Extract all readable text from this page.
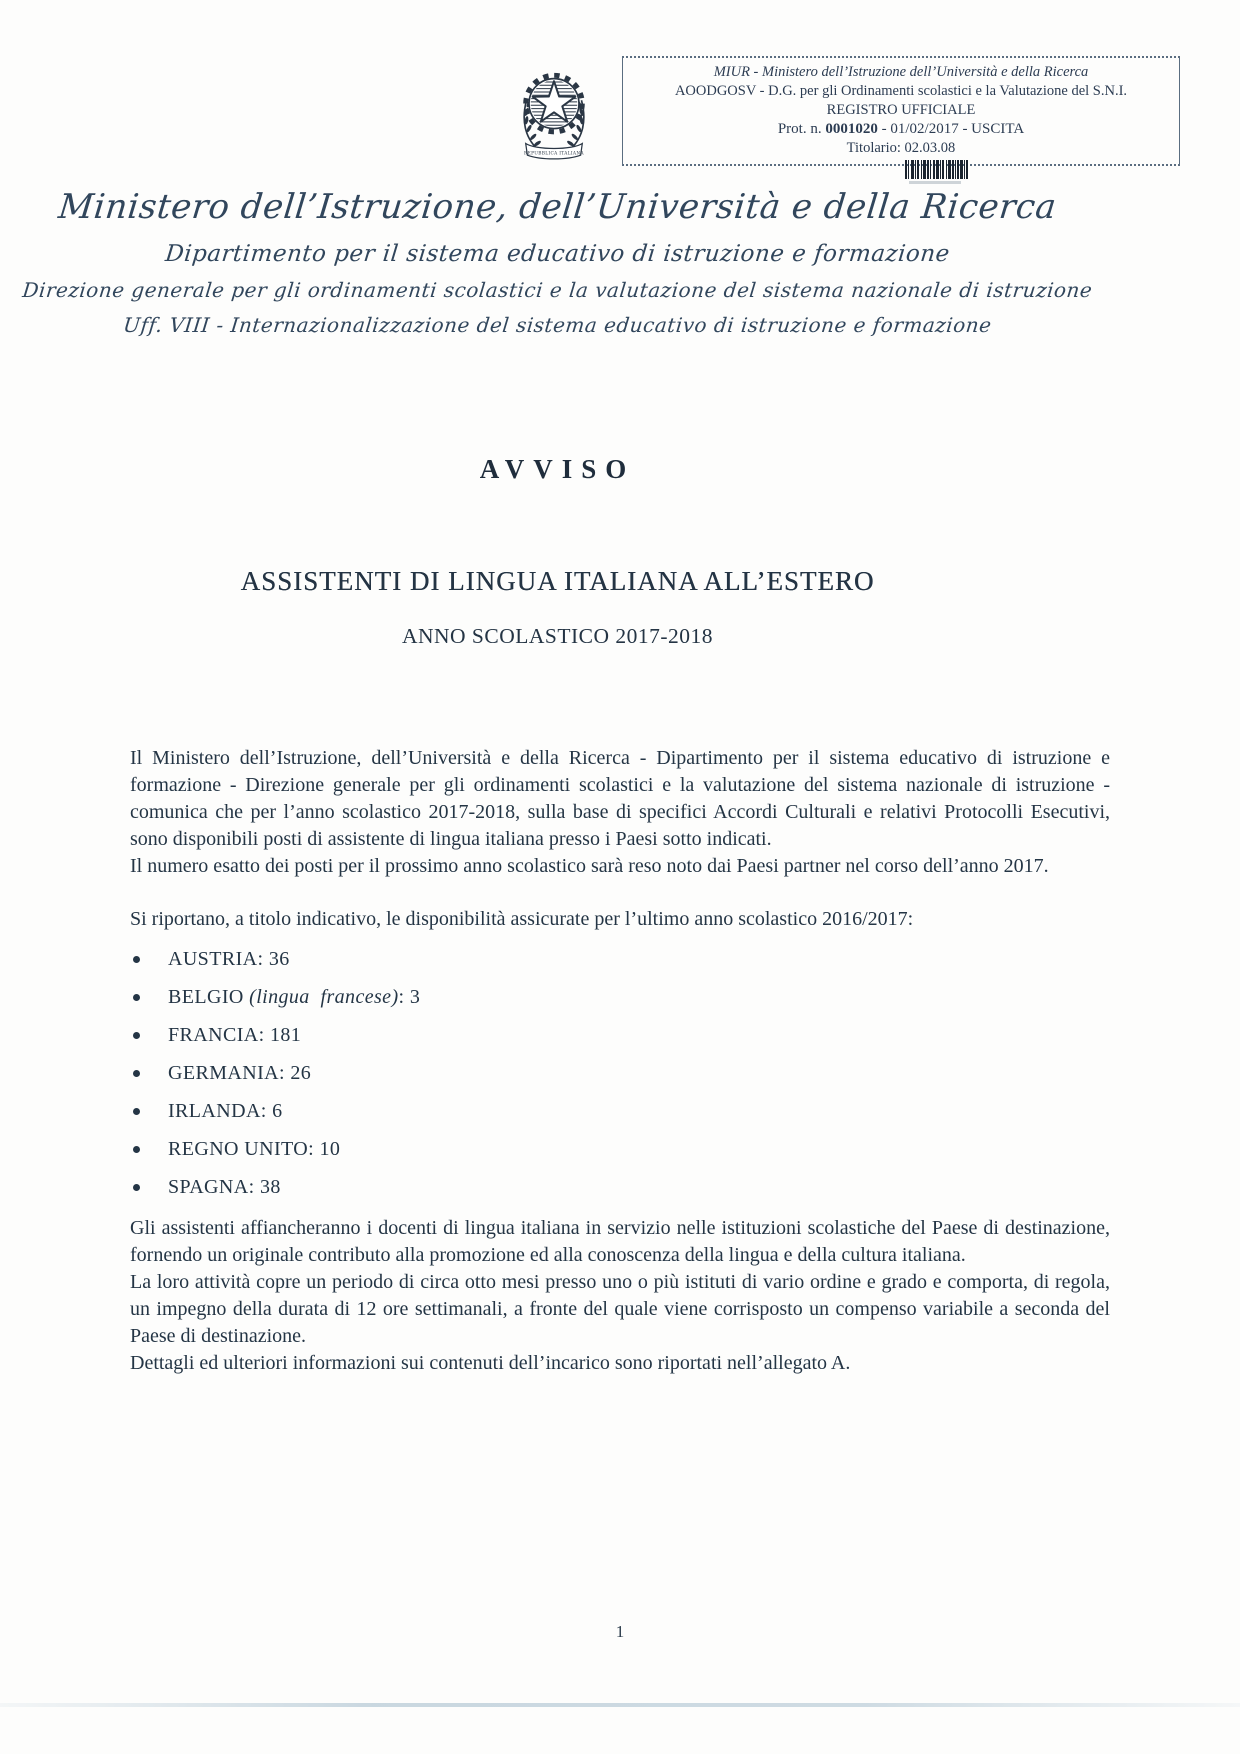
REPUBBLICA ITALIANA
MIUR - Ministero dell’Istruzione dell’Università e della Ricerca
AOODGOSV - D.G. per gli Ordinamenti scolastici e la Valutazione del S.N.I.
REGISTRO UFFICIALE
Prot. n. 0001020 - 01/02/2017 - USCITA
Titolario: 02.03.08
Ministero dell’Istruzione, dell’Università e della Ricerca
Dipartimento per il sistema educativo di istruzione e formazione
Direzione generale per gli ordinamenti scolastici e la valutazione del sistema nazionale di istruzione
Uff. VIII - Internazionalizzazione del sistema educativo di istruzione e formazione
AVVISO
ASSISTENTI DI LINGUA ITALIANA ALL’ESTERO
ANNO SCOLASTICO 2017-2018

Il Ministero dell’Istruzione, dell’Università e della Ricerca - Dipartimento per il sistema educativo di istruzione e formazione - Direzione generale per gli ordinamenti scolastici e la valutazione del sistema nazionale di istruzione - comunica che per l’anno scolastico 2017-2018, sulla base di specifici Accordi Culturali e relativi Protocolli Esecutivi, sono disponibili posti di assistente di lingua italiana presso i Paesi sotto indicati.

Il numero esatto dei posti per il prossimo anno scolastico sarà reso noto dai Paesi partner nel corso dell’anno 2017.

Si riportano, a titolo indicativo, le disponibilità assicurate per l’ultimo anno scolastico 2016/2017:

AUSTRIA: 36
BELGIO (lingua  francese): 3
FRANCIA: 181
GERMANIA: 26
IRLANDA: 6
REGNO UNITO: 10
SPAGNA: 38

Gli assistenti affiancheranno i docenti di lingua italiana in servizio nelle istituzioni scolastiche del Paese di destinazione, fornendo un originale contributo alla promozione ed alla conoscenza della lingua e della cultura italiana.

La loro attività copre un periodo di circa otto mesi presso uno o più istituti di vario ordine e grado e comporta, di regola, un impegno della durata di 12 ore settimanali, a fronte del quale viene corrisposto un compenso variabile a seconda del Paese di destinazione.

Dettagli ed ulteriori informazioni sui contenuti dell’incarico sono riportati nell’allegato A.

1
